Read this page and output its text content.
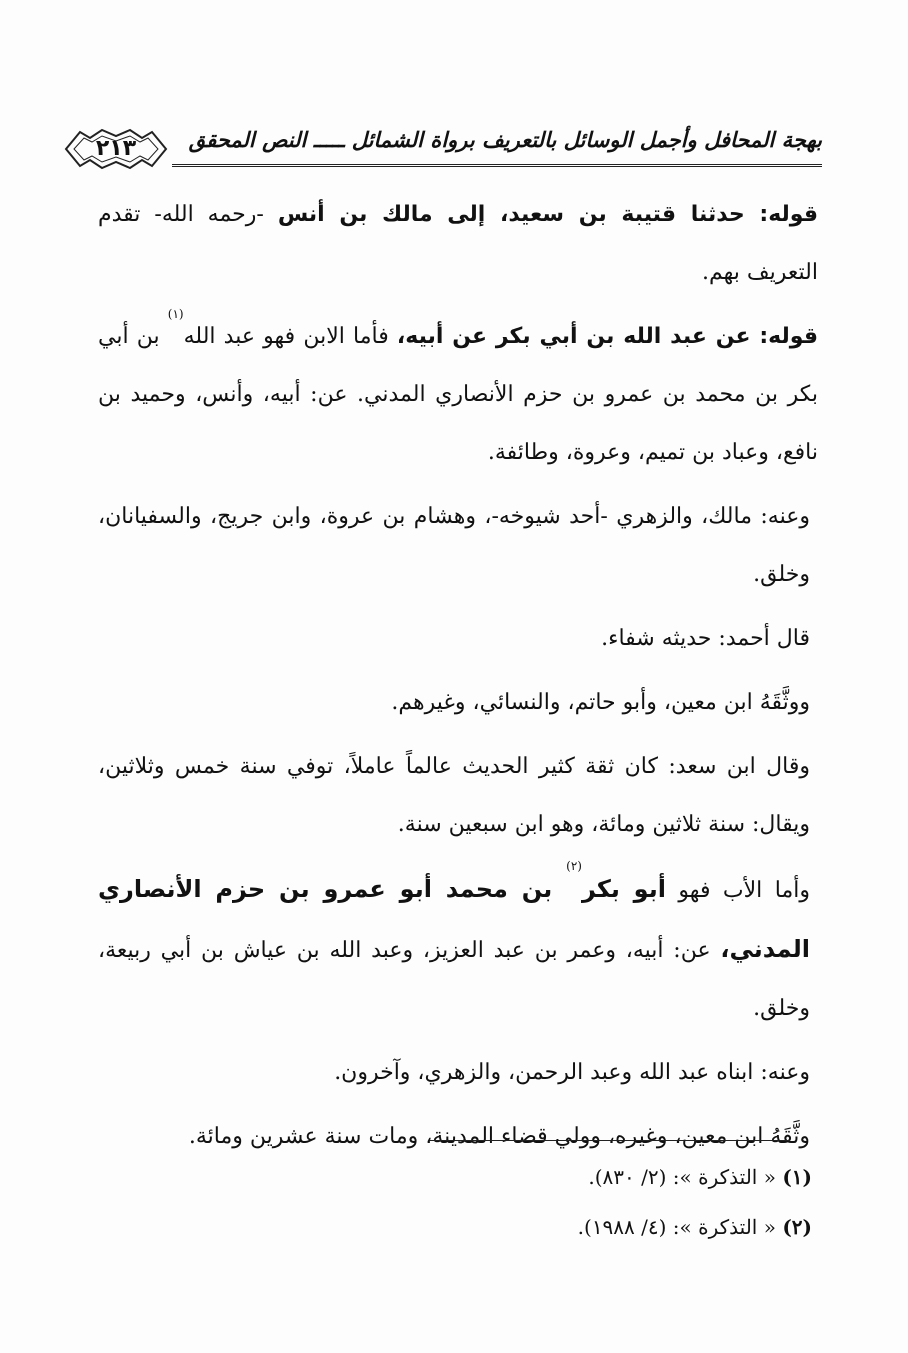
بهجة المحافل وأجمل الوسائل بالتعريف برواة الشمائل ـــــ النص المحقق
٢١٣

قوله: حدثنا قتيبة بن سعيد، إلى مالك بن أنس -رحمه الله- تقدم التعريف بهم.

قوله: عن عبد الله بن أبي بكر عن أبيه، فأما الابن فهو عبد الله$^{(١)}$ بن أبي بكر بن محمد بن عمرو بن حزم الأنصاري المدني. عن: أبيه، وأنس، وحميد بن نافع، وعباد بن تميم، وعروة، وطائفة.

وعنه: مالك، والزهري -أحد شيوخه-، وهشام بن عروة، وابن جريج، والسفيانان، وخلق.

قال أحمد: حديثه شفاء.

ووثَّقَهُ ابن معين، وأبو حاتم، والنسائي، وغيرهم.

وقال ابن سعد: كان ثقة كثير الحديث عالماً عاملاً، توفي سنة خمس وثلاثين، ويقال: سنة ثلاثين ومائة، وهو ابن سبعين سنة.

وأما الأب فهو أبو بكر$^{(٢)}$ بن محمد أبو عمرو بن حزم الأنصاري المدني، عن: أبيه، وعمر بن عبد العزيز، وعبد الله بن عياش بن أبي ربيعة، وخلق.

وعنه: ابناه عبد الله وعبد الرحمن، والزهري، وآخرون.

وثَّقَهُ ابن معين، وغيره، وولي قضاء المدينة، ومات سنة عشرين ومائة.

(١) « التذكرة »: (٢/ ٨٣٠).

(٢) « التذكرة »: (٤/ ١٩٨٨).
